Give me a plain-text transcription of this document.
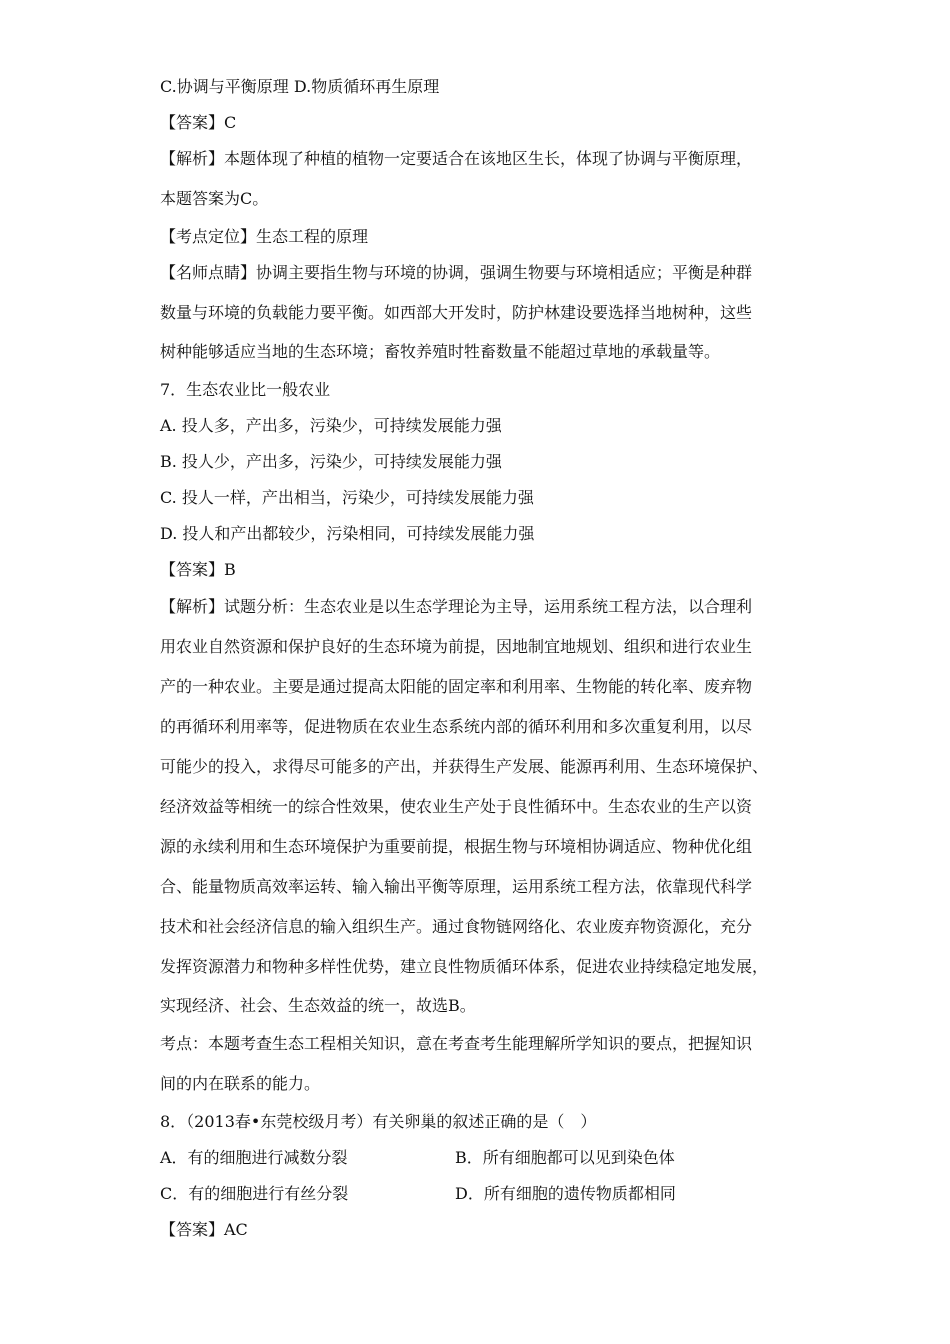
C.协调与平衡原理 D.物质循环再生原理
【答案】C
【解析】本题体现了种植的植物一定要适合在该地区生长，体现了协调与平衡原理，
本题答案为C。
【考点定位】生态工程的原理
【名师点睛】协调主要指生物与环境的协调，强调生物要与环境相适应；平衡是种群
数量与环境的负载能力要平衡。如西部大开发时，防护林建设要选择当地树种，这些
树种能够适应当地的生态环境；畜牧养殖时牲畜数量不能超过草地的承载量等。
7．生态农业比一般农业
A. 投人多，产出多，污染少，可持续发展能力强
B. 投人少，产出多，污染少，可持续发展能力强
C. 投人一样，产出相当，污染少，可持续发展能力强
D. 投人和产出都较少，污染相同，可持续发展能力强
【答案】B
【解析】试题分析：生态农业是以生态学理论为主导，运用系统工程方法，以合理利
用农业自然资源和保护良好的生态环境为前提，因地制宜地规划、组织和进行农业生
产的一种农业。主要是通过提高太阳能的固定率和利用率、生物能的转化率、废弃物
的再循环利用率等，促进物质在农业生态系统内部的循环利用和多次重复利用，以尽
可能少的投入，求得尽可能多的产出，并获得生产发展、能源再利用、生态环境保护、
经济效益等相统一的综合性效果，使农业生产处于良性循环中。生态农业的生产以资
源的永续利用和生态环境保护为重要前提，根据生物与环境相协调适应、物种优化组
合、能量物质高效率运转、输入输出平衡等原理，运用系统工程方法，依靠现代科学
技术和社会经济信息的输入组织生产。通过食物链网络化、农业废弃物资源化，充分
发挥资源潜力和物种多样性优势，建立良性物质循环体系，促进农业持续稳定地发展，
实现经济、社会、生态效益的统一，故选B。
考点：本题考查生态工程相关知识，意在考查考生能理解所学知识的要点，把握知识
间的内在联系的能力。
8．（2013春•东莞校级月考）有关卵巢的叙述正确的是（　）
A．有的细胞进行减数分裂	B．所有细胞都可以见到染色体
C．有的细胞进行有丝分裂	D．所有细胞的遗传物质都相同
【答案】AC
